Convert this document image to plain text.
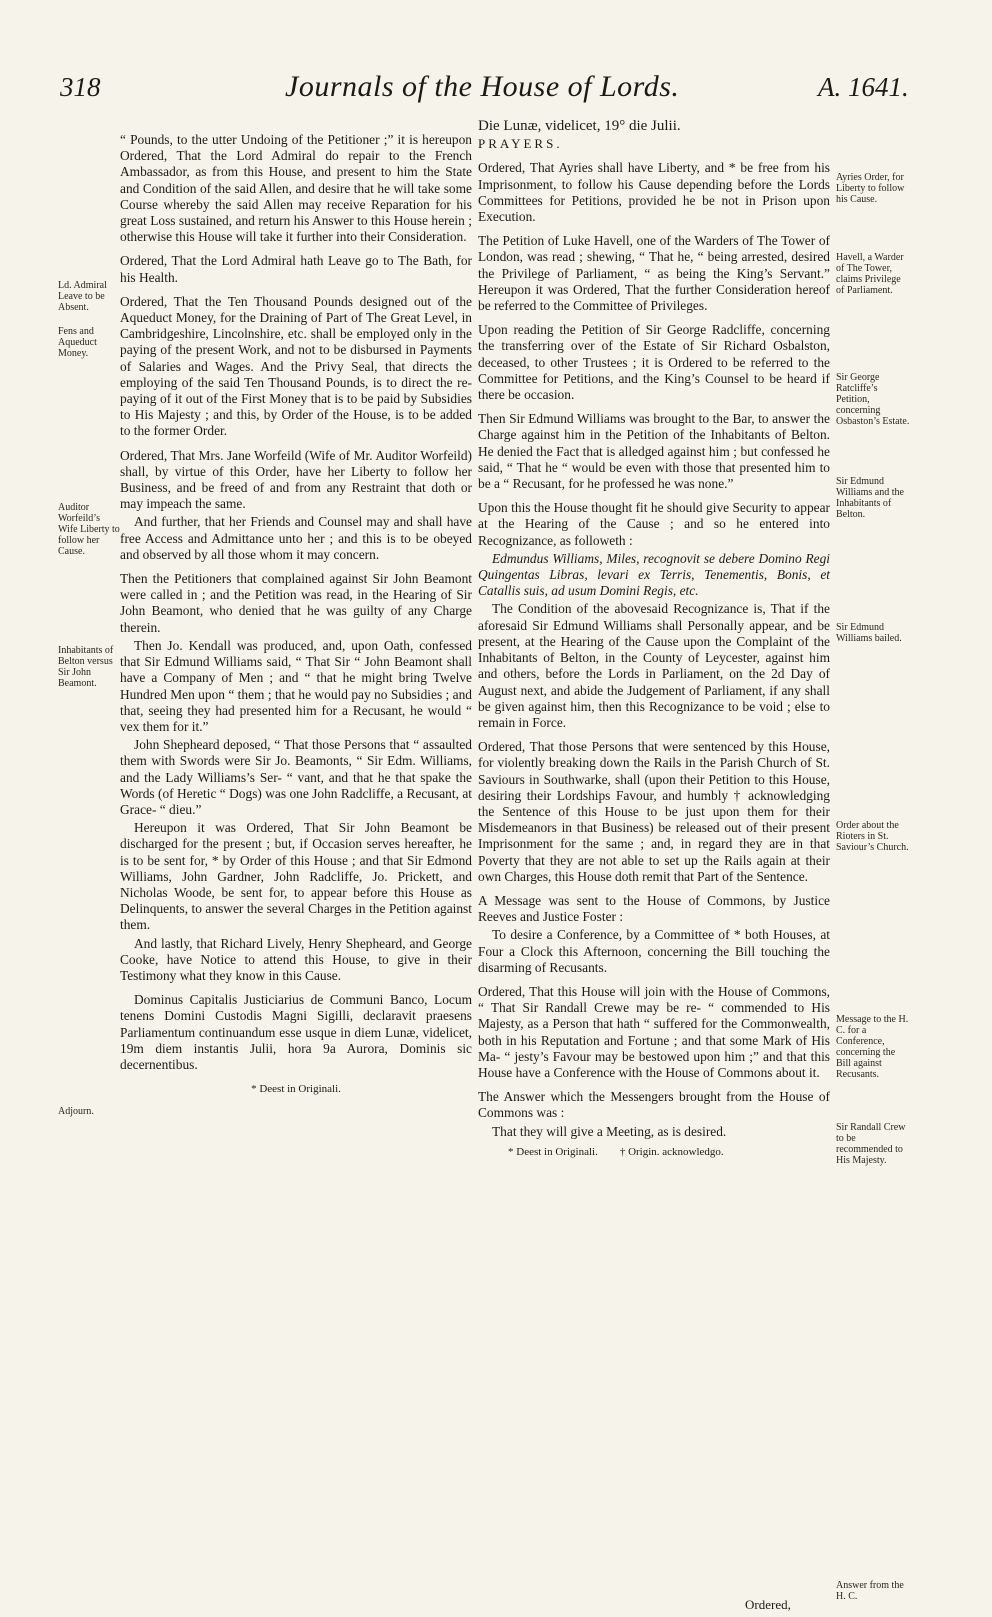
318	Journals of the House of Lords.	A. 1641.

“ Pounds, to the utter Undoing of the Petitioner ;” it is hereupon Ordered, That the Lord Admiral do repair to the French Ambassador, as from this House, and present to him the State and Condition of the said Allen, and desire that he will take some Course whereby the said Allen may receive Reparation for his great Loss sustained, and return his Answer to this House herein ; otherwise this House will take it further into their Consideration.

Ordered, That the Lord Admiral hath Leave go to The Bath, for his Health.

Ordered, That the Ten Thousand Pounds designed out of the Aqueduct Money, for the Draining of Part of The Great Level, in Cambridgeshire, Lincolnshire, etc. shall be employed only in the paying of the present Work, and not to be disbursed in Payments of Salaries and Wages. And the Privy Seal, that directs the employing of the said Ten Thousand Pounds, is to direct the re-paying of it out of the First Money that is to be paid by Subsidies to His Majesty ; and this, by Order of the House, is to be added to the former Order.

Ordered, That Mrs. Jane Worfeild (Wife of Mr. Auditor Worfeild) shall, by virtue of this Order, have her Liberty to follow her Business, and be freed of and from any Restraint that doth or may impeach the same.

And further, that her Friends and Counsel may and shall have free Access and Admittance unto her ; and this is to be obeyed and observed by all those whom it may concern.

Then the Petitioners that complained against Sir John Beamont were called in ; and the Petition was read, in the Hearing of Sir John Beamont, who denied that he was guilty of any Charge therein.

Then Jo. Kendall was produced, and, upon Oath, confessed that Sir Edmund Williams said, “ That Sir “ John Beamont shall have a Company of Men ; and “ that he might bring Twelve Hundred Men upon “ them ; that he would pay no Subsidies ; and that, seeing they had presented him for a Recusant, he would “ vex them for it.”

John Shepheard deposed, “ That those Persons that “ assaulted them with Swords were Sir Jo. Beamonts, “ Sir Edm. Williams, and the Lady Williams’s Ser- “ vant, and that he that spake the Words (of Heretic “ Dogs) was one John Radcliffe, a Recusant, at Grace- “ dieu.”

Hereupon it was Ordered, That Sir John Beamont be discharged for the present ; but, if Occasion serves hereafter, he is to be sent for, * by Order of this House ; and that Sir Edmond Williams, John Gardner, John Radcliffe, Jo. Prickett, and Nicholas Woode, be sent for, to appear before this House as Delinquents, to answer the several Charges in the Petition against them.

And lastly, that Richard Lively, Henry Shepheard, and George Cooke, have Notice to attend this House, to give in their Testimony what they know in this Cause.

Dominus Capitalis Justiciarius de Communi Banco, Locum tenens Domini Custodis Magni Sigilli, declaravit praesens Parliamentum continuandum esse usque in diem Lunæ, videlicet, 19m diem instantis Julii, hora 9a Aurora, Dominis sic decernentibus.

* Deest in Originali.
Ld. Admiral Leave to be Absent.
Fens and Aqueduct Money.
Auditor Worfeild’s Wife Liberty to follow her Cause.
Inhabitants of Belton versus Sir John Beamont.
Adjourn.

Die Lunæ, videlicet, 19° die Julii.

PRAYERS.

Ordered, That Ayries shall have Liberty, and * be free from his Imprisonment, to follow his Cause depending before the Lords Committees for Petitions, provided he be not in Prison upon Execution.

The Petition of Luke Havell, one of the Warders of The Tower of London, was read ; shewing, “ That he, “ being arrested, desired the Privilege of Parliament, “ as being the King’s Servant.” Hereupon it was Ordered, That the further Consideration hereof be referred to the Committee of Privileges.

Upon reading the Petition of Sir George Radcliffe, concerning the transferring over of the Estate of Sir Richard Osbalston, deceased, to other Trustees ; it is Ordered to be referred to the Committee for Petitions, and the King’s Counsel to be heard if there be occasion.

Then Sir Edmund Williams was brought to the Bar, to answer the Charge against him in the Petition of the Inhabitants of Belton. He denied the Fact that is alledged against him ; but confessed he said, “ That he “ would be even with those that presented him to be a “ Recusant, for he professed he was none.”

Upon this the House thought fit he should give Security to appear at the Hearing of the Cause ; and so he entered into Recognizance, as followeth :

Edmundus Williams, Miles, recognovit se debere Domino Regi Quingentas Libras, levari ex Terris, Tenementis, Bonis, et Catallis suis, ad usum Domini Regis, etc.

The Condition of the abovesaid Recognizance is, That if the aforesaid Sir Edmund Williams shall Personally appear, and be present, at the Hearing of the Cause upon the Complaint of the Inhabitants of Belton, in the County of Leycester, against him and others, before the Lords in Parliament, on the 2d Day of August next, and abide the Judgement of Parliament, if any shall be given against him, then this Recognizance to be void ; else to remain in Force.

Ordered, That those Persons that were sentenced by this House, for violently breaking down the Rails in the Parish Church of St. Saviours in Southwarke, shall (upon their Petition to this House, desiring their Lordships Favour, and humbly † acknowledging the Sentence of this House to be just upon them for their Misdemeanors in that Business) be released out of their present Imprisonment for the same ; and, in regard they are in that Poverty that they are not able to set up the Rails again at their own Charges, this House doth remit that Part of the Sentence.

A Message was sent to the House of Commons, by Justice Reeves and Justice Foster :

To desire a Conference, by a Committee of * both Houses, at Four a Clock this Afternoon, concerning the Bill touching the disarming of Recusants.

Ordered, That this House will join with the House of Commons, “ That Sir Randall Crewe may be re- “ commended to His Majesty, as a Person that hath “ suffered for the Commonwealth, both in his Reputation and Fortune ; and that some Mark of His Ma- “ jesty’s Favour may be bestowed upon him ;” and that this House have a Conference with the House of Commons about it.

The Answer which the Messengers brought from the House of Commons was :

That they will give a Meeting, as is desired.

* Deest in Originali.        † Origin. acknowledgo.
Ordered,
Ayries Order, for Liberty to follow his Cause.
Havell, a Warder of The Tower, claims Privilege of Parliament.
Sir George Ratcliffe’s Petition, concerning Osbaston’s Estate.
Sir Edmund Williams and the Inhabitants of Belton.
Sir Edmund Williams bailed.
Order about the Rioters in St. Saviour’s Church.
Message to the H. C. for a Conference, concerning the Bill against Recusants.
Sir Randall Crew to be recommended to His Majesty.
Answer from the H. C.
